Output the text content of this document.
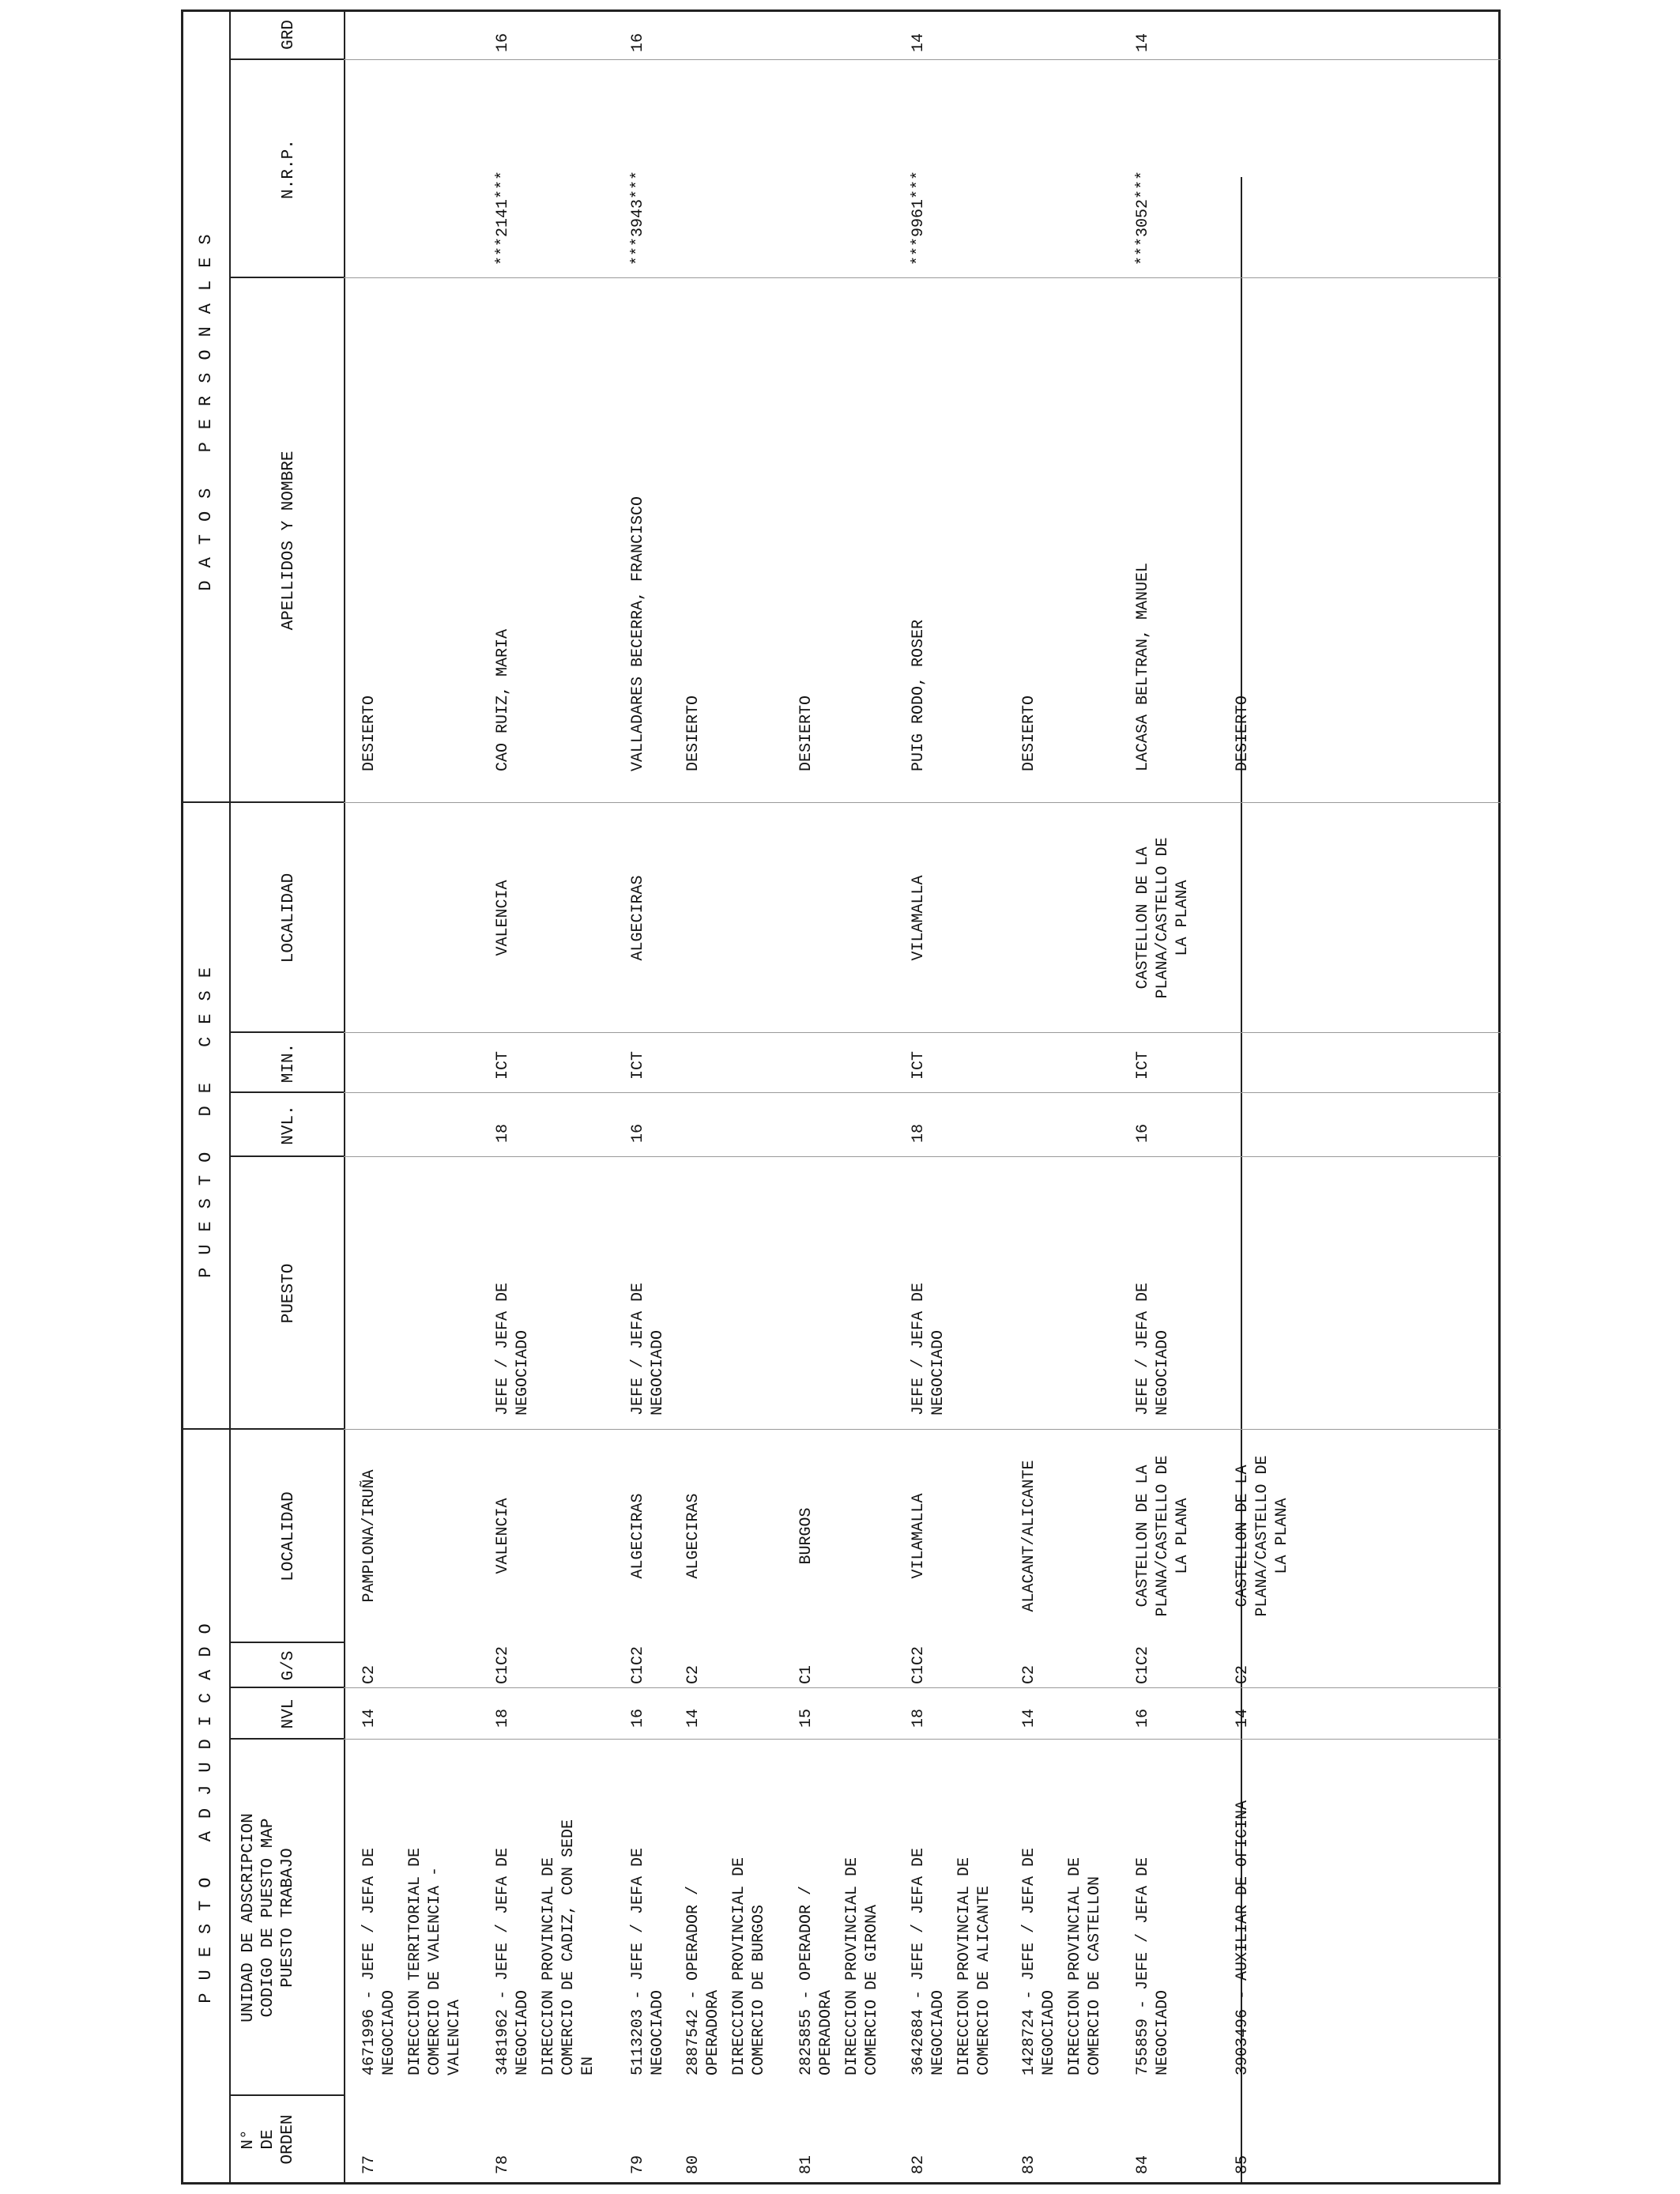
PUESTO ADJUDICADO
PUESTO DE CESE
DATOS PERSONALES
N°
DE
ORDEN
UNIDAD DE ADSCRIPCION
CODIGO DE PUESTO MAP
PUESTO TRABAJO
NVL
G/S
LOCALIDAD
PUESTO
NVL.
MIN.
LOCALIDAD
APELLIDOS Y NOMBRE
N.R.P.
GRD
77
4671996 - JEFE / JEFA DE
NEGOCIADO
14
C2
PAMPLONA/IRUÑA
DESIERTO
DIRECCION TERRITORIAL DE
COMERCIO DE VALENCIA -
VALENCIA
78
3481962 - JEFE / JEFA DE
NEGOCIADO
18
C1C2
VALENCIA
JEFE / JEFA DE
NEGOCIADO
18
ICT
VALENCIA
CAO RUIZ, MARIA
***2141***
16
DIRECCION PROVINCIAL DE
COMERCIO DE CADIZ, CON SEDE
EN
79
5113203 - JEFE / JEFA DE
NEGOCIADO
16
C1C2
ALGECIRAS
JEFE / JEFA DE
NEGOCIADO
16
ICT
ALGECIRAS
VALLADARES BECERRA, FRANCISCO
***3943***
16
80
2887542 - OPERADOR /
OPERADORA
14
C2
ALGECIRAS
DESIERTO
DIRECCION PROVINCIAL DE
COMERCIO DE BURGOS
81
2825855 - OPERADOR /
OPERADORA
15
C1
BURGOS
DESIERTO
DIRECCION PROVINCIAL DE
COMERCIO DE GIRONA
82
3642684 - JEFE / JEFA DE
NEGOCIADO
18
C1C2
VILAMALLA
JEFE / JEFA DE
NEGOCIADO
18
ICT
VILAMALLA
PUIG RODO, ROSER
***9961***
14
DIRECCION PROVINCIAL DE
COMERCIO DE ALICANTE
83
1428724 - JEFE / JEFA DE
NEGOCIADO
14
C2
ALACANT/ALICANTE
DESIERTO
DIRECCION PROVINCIAL DE
COMERCIO DE CASTELLON
84
755859 - JEFE / JEFA DE
NEGOCIADO
16
C1C2
CASTELLON DE LA
PLANA/CASTELLO DE
LA PLANA
JEFE / JEFA DE
NEGOCIADO
16
ICT
CASTELLON DE LA
PLANA/CASTELLO DE
LA PLANA
LACASA BELTRAN, MANUEL
***3052***
14
85
3903496 - AUXILIAR DE OFICINA
14
C2
CASTELLON DE LA
PLANA/CASTELLO DE
LA PLANA
DESIERTO
